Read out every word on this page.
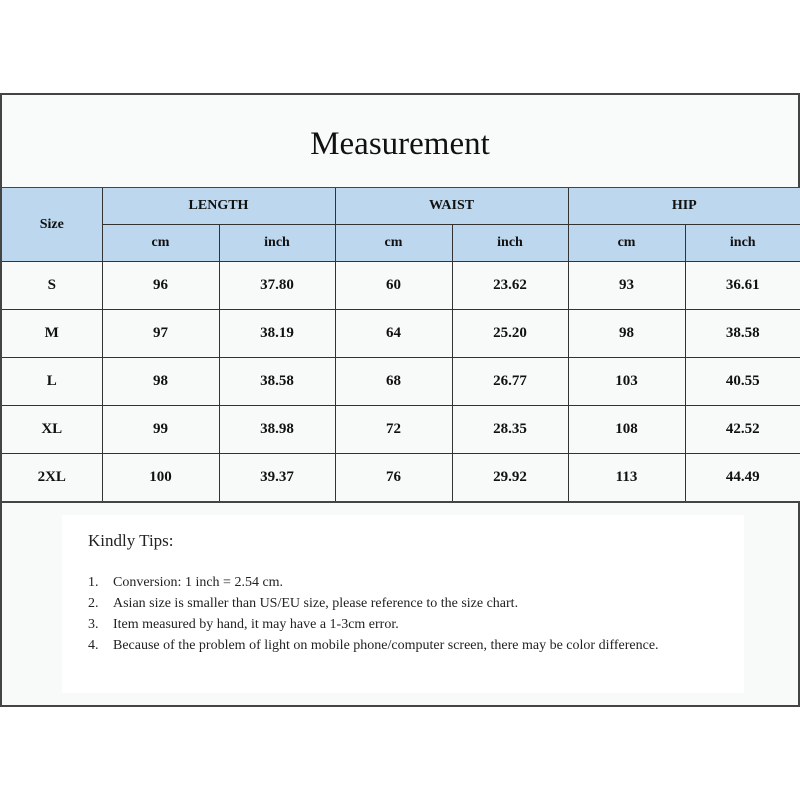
Measurement
Size	LENGTH		WAIST		HIP	
	cm	inch	cm	inch	cm	inch
S	96	37.80	60	23.62	93	36.61
M	97	38.19	64	25.20	98	38.58
L	98	38.58	68	26.77	103	40.55
XL	99	38.98	72	28.35	108	42.52
2XL	100	39.37	76	29.92	113	44.49
Kindly Tips:
1.	Conversion: 1 inch = 2.54 cm.
2.	Asian size is smaller than US/EU size, please reference to the size chart.
3.	Item measured by hand, it may have a 1-3cm error.
4.	Because of the problem of light on mobile phone/computer screen, there may be color difference.
